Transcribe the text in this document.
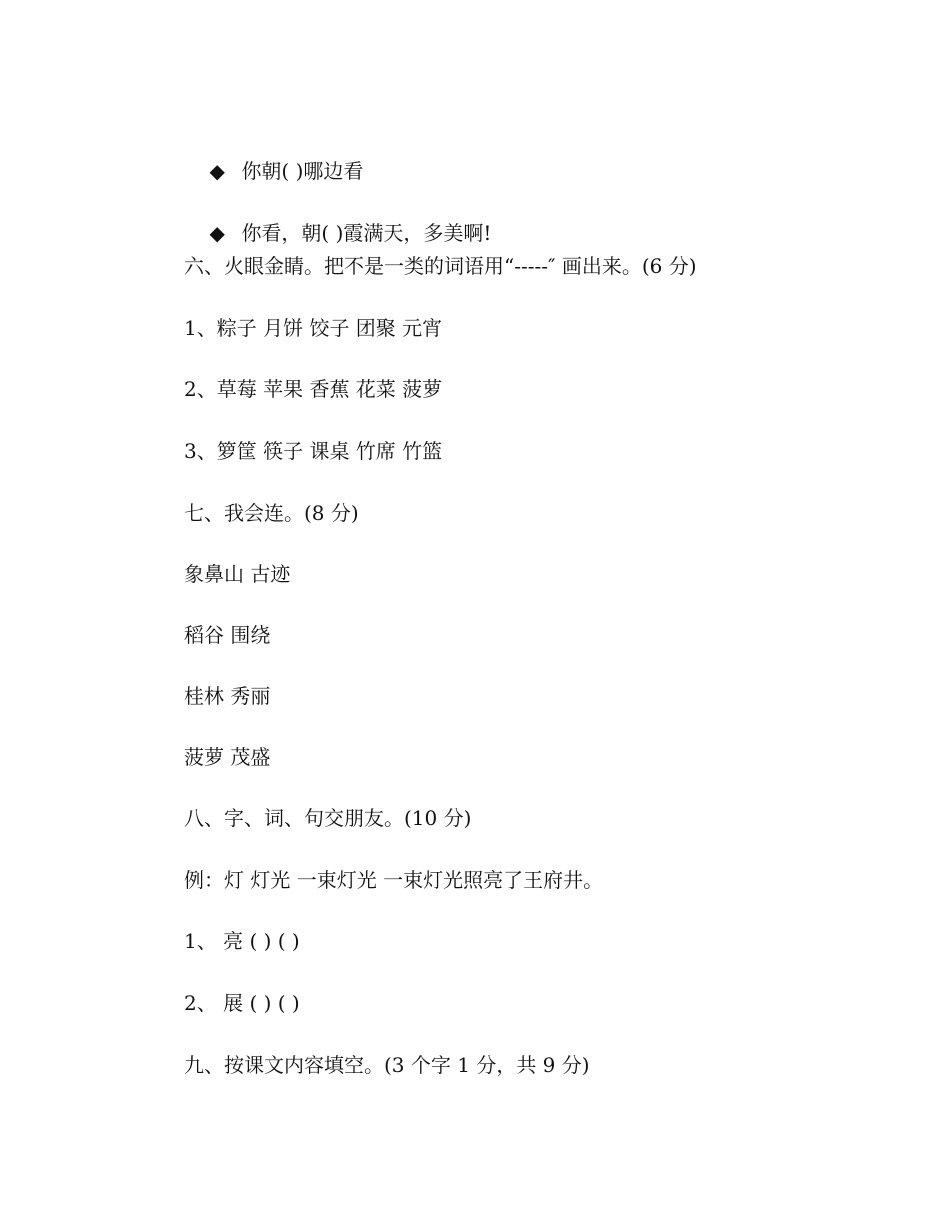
◆ 你朝( )哪边看

◆ 你看，朝( )霞满天，多美啊!

六、火眼金睛。把不是一类的词语用“-----″ 画出来。(6 分)
1、粽子 月饼 饺子 团聚 元宵
2、草莓 苹果 香蕉 花菜 菠萝
3、箩筐 筷子 课桌 竹席 竹篮
七、我会连。(8 分)
象鼻山 古迹
稻谷 围绕
桂林 秀丽
菠萝 茂盛
八、字、词、句交朋友。(10 分)
例：灯 灯光 一束灯光 一束灯光照亮了王府井。
1、 亮 ( ) ( )
2、 展 ( ) ( )
九、按课文内容填空。(3 个字 1 分，共 9 分)
